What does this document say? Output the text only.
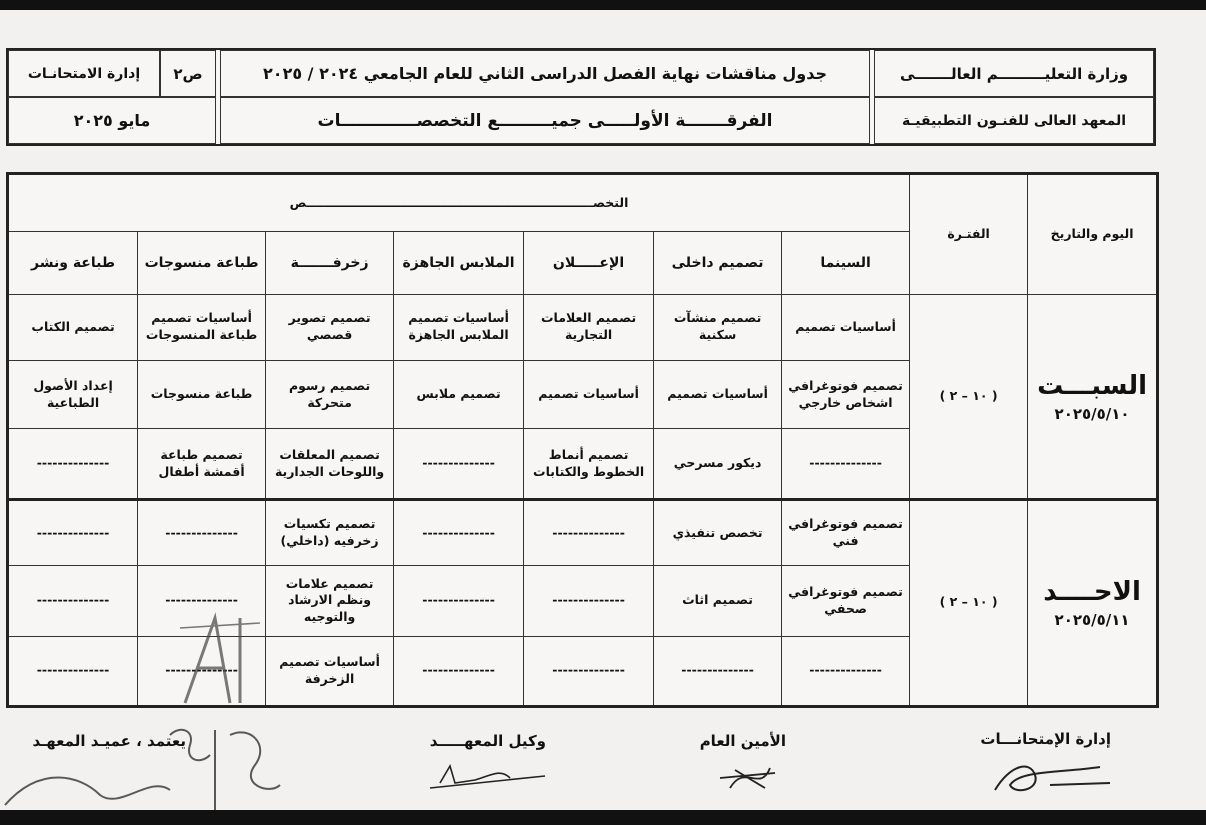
وزارة التعليـــــــــم العالـــــــى
المعهد العالى للفنـون التطبيقيـة
جدول مناقشات نهاية الفصل الدراسى الثاني للعام الجامعي ٢٠٢٤ / ٢٠٢٥
الفرقـــــــة الأولـــــى جميـــــــــع التخصصـــــــــــــات
ص٢
إدارة الامتحانـات
مايو ٢٠٢٥
اليوم والتاريخ	الفتـرة	التخصـــــــــــــــــــــــــــــــــــــــــــــــــــــــــــــــــــص						
		السينما	تصميم داخلى	الإعـــــلان	الملابس الجاهزة	زخرفـــــــة	طباعة منسوجات	طباعة ونشر

السبـــت
٢٠٢٥/٥/١٠	( ١٠ – ٢ )	أساسيات تصميم	تصميم منشآت سكنية	تصميم العلامات التجارية	أساسيات تصميم الملابس الجاهزة	تصميم تصوير قصصي	أساسيات تصميم طباعة المنسوجات	تصميم الكتاب
		تصميم فوتوغرافي اشخاص خارجي	أساسيات تصميم	أساسيات تصميم	تصميم ملابس	تصميم رسوم متحركة	طباعة منسوجات	إعداد الأصول الطباعية
		--------------	ديكور مسرحي	تصميم أنماط الخطوط والكتابات	--------------	تصميم المعلقات واللوحات الجدارية	تصميم طباعة أقمشة أطفال	--------------

الاحــــد
٢٠٢٥/٥/١١	( ١٠ – ٢ )	تصميم فوتوغرافي فني	تخصص تنفيذي	--------------	--------------	تصميم تكسيات زخرفيه (داخلي)	--------------	--------------
		تصميم فوتوغرافي صحفي	تصميم اثاث	--------------	--------------	تصميم علامات ونظم الارشاد والتوجيه	--------------	--------------
		--------------	--------------	--------------	--------------	أساسيات تصميم الزخرفة	--------------	--------------
إدارة الإمتحانـــات
الأمين العام
وكيل المعهـــــد
يعتمد ، عميـد المعهـد
